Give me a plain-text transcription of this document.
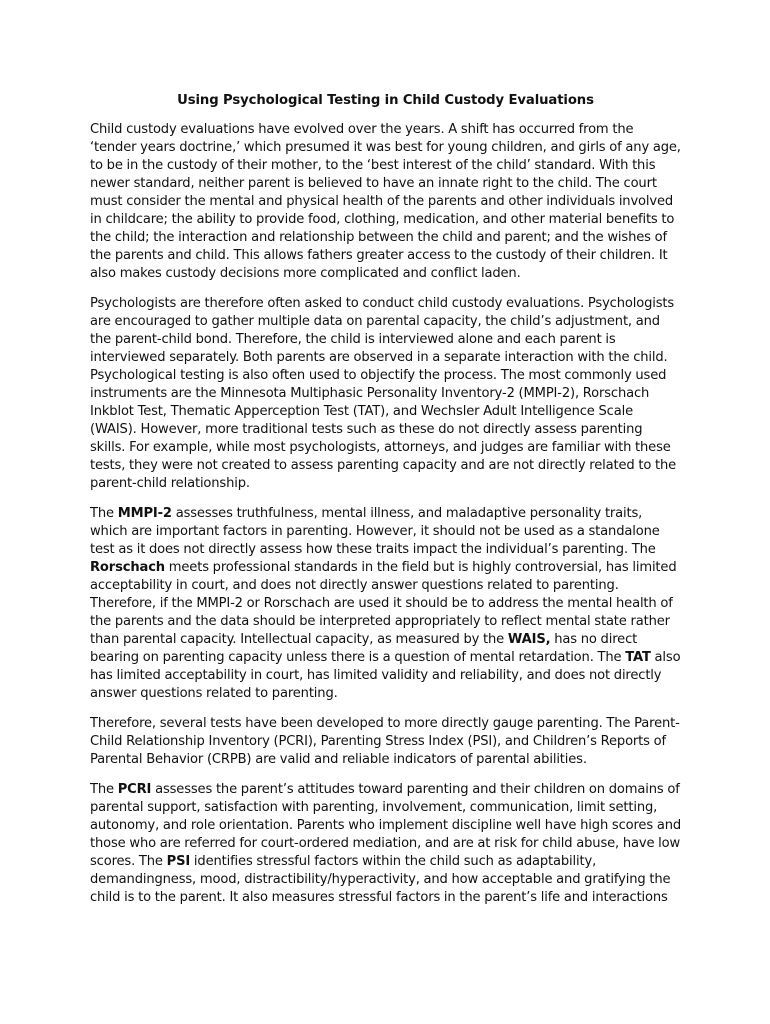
Using Psychological Testing in Child Custody Evaluations

Child custody evaluations have evolved over the years. A shift has occurred from the ‘tender years doctrine,’ which presumed it was best for young children, and girls of any age, to be in the custody of their mother, to the ‘best interest of the child’ standard. With this newer standard, neither parent is believed to have an innate right to the child. The court must consider the mental and physical health of the parents and other individuals involved in childcare; the ability to provide food, clothing, medication, and other material benefits to the child; the interaction and relationship between the child and parent; and the wishes of the parents and child. This allows fathers greater access to the custody of their children. It also makes custody decisions more complicated and conflict laden.

Psychologists are therefore often asked to conduct child custody evaluations. Psychologists are encouraged to gather multiple data on parental capacity, the child’s adjustment, and the parent-child bond. Therefore, the child is interviewed alone and each parent is interviewed separately. Both parents are observed in a separate interaction with the child. Psychological testing is also often used to objectify the process. The most commonly used instruments are the Minnesota Multiphasic Personality Inventory-2 (MMPI-2), Rorschach Inkblot Test, Thematic Apperception Test (TAT), and Wechsler Adult Intelligence Scale (WAIS). However, more traditional tests such as these do not directly assess parenting skills. For example, while most psychologists, attorneys, and judges are familiar with these tests, they were not created to assess parenting capacity and are not directly related to the parent-child relationship.

The MMPI-2 assesses truthfulness, mental illness, and maladaptive personality traits, which are important factors in parenting. However, it should not be used as a standalone test as it does not directly assess how these traits impact the individual’s parenting. The Rorschach meets professional standards in the field but is highly controversial, has limited acceptability in court, and does not directly answer questions related to parenting. Therefore, if the MMPI-2 or Rorschach are used it should be to address the mental health of the parents and the data should be interpreted appropriately to reflect mental state rather than parental capacity. Intellectual capacity, as measured by the WAIS, has no direct bearing on parenting capacity unless there is a question of mental retardation. The TAT also has limited acceptability in court, has limited validity and reliability, and does not directly answer questions related to parenting.

Therefore, several tests have been developed to more directly gauge parenting. The Parent-Child Relationship Inventory (PCRI), Parenting Stress Index (PSI), and Children’s Reports of Parental Behavior (CRPB) are valid and reliable indicators of parental abilities.

The PCRI assesses the parent’s attitudes toward parenting and their children on domains of parental support, satisfaction with parenting, involvement, communication, limit setting, autonomy, and role orientation. Parents who implement discipline well have high scores and those who are referred for court-ordered mediation, and are at risk for child abuse, have low scores. The PSI identifies stressful factors within the child such as adaptability, demandingness, mood, distractibility/hyperactivity, and how acceptable and gratifying the child is to the parent. It also measures stressful factors in the parent’s life and interactions
